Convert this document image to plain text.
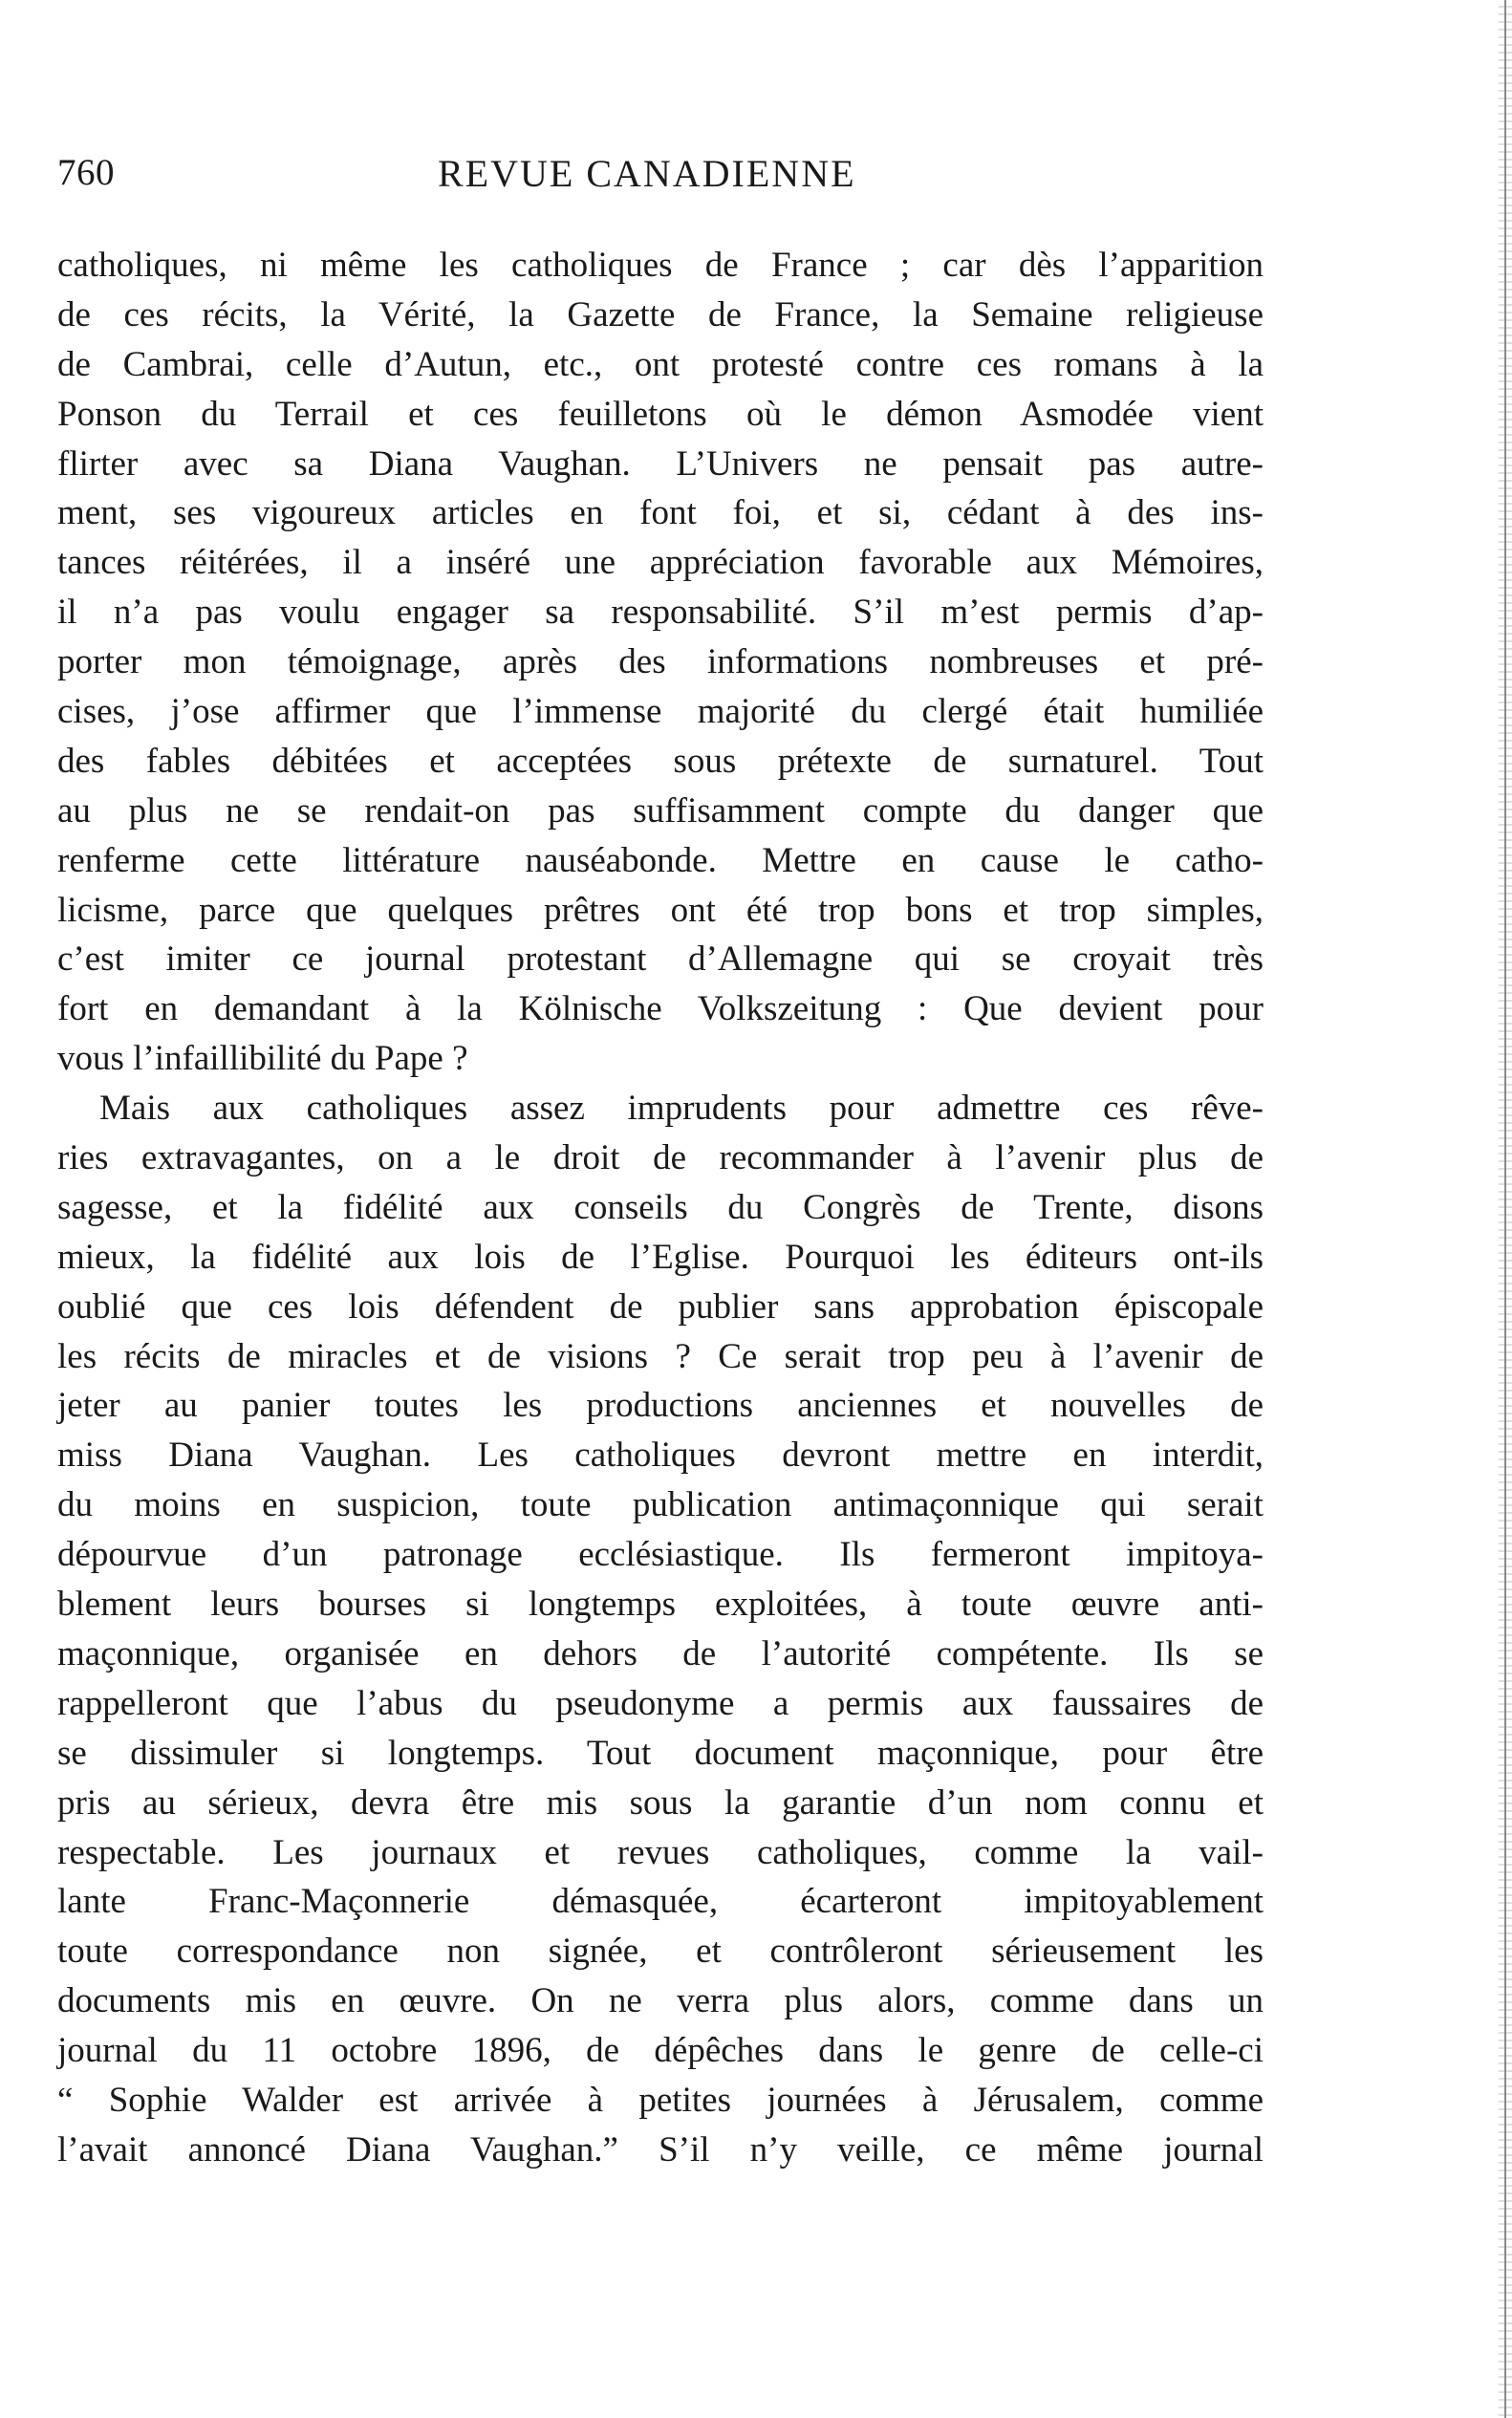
760	REVUE CANADIENNE
catholiques, ni même les catholiques de France ; car dès l’apparition
de ces récits, la Vérité, la Gazette de France, la Semaine religieuse
de Cambrai, celle d’Autun, etc., ont protesté contre ces romans à la
Ponson du Terrail et ces feuilletons où le démon Asmodée vient
flirter avec sa Diana Vaughan. L’Univers ne pensait pas autre-
ment, ses vigoureux articles en font foi, et si, cédant à des ins-
tances réitérées, il a inséré une appréciation favorable aux Mémoires,
il n’a pas voulu engager sa responsabilité. S’il m’est permis d’ap-
porter mon témoignage, après des informations nombreuses et pré-
cises, j’ose affirmer que l’immense majorité du clergé était humiliée
des fables débitées et acceptées sous prétexte de surnaturel. Tout
au plus ne se rendait-on pas suffisamment compte du danger que
renferme cette littérature nauséabonde. Mettre en cause le catho-
licisme, parce que quelques prêtres ont été trop bons et trop simples,
c’est imiter ce journal protestant d’Allemagne qui se croyait très
fort en demandant à la Kölnische Volkszeitung : Que devient pour
vous l’infaillibilité du Pape ?
Mais aux catholiques assez imprudents pour admettre ces rêve-
ries extravagantes, on a le droit de recommander à l’avenir plus de
sagesse, et la fidélité aux conseils du Congrès de Trente, disons
mieux, la fidélité aux lois de l’Eglise. Pourquoi les éditeurs ont-ils
oublié que ces lois défendent de publier sans approbation épiscopale
les récits de miracles et de visions ? Ce serait trop peu à l’avenir de
jeter au panier toutes les productions anciennes et nouvelles de
miss Diana Vaughan. Les catholiques devront mettre en interdit,
du moins en suspicion, toute publication antimaçonnique qui serait
dépourvue d’un patronage ecclésiastique. Ils fermeront impitoya-
blement leurs bourses si longtemps exploitées, à toute œuvre anti-
maçonnique, organisée en dehors de l’autorité compétente. Ils se
rappelleront que l’abus du pseudonyme a permis aux faussaires de
se dissimuler si longtemps. Tout document maçonnique, pour être
pris au sérieux, devra être mis sous la garantie d’un nom connu et
respectable. Les journaux et revues catholiques, comme la vail-
lante Franc-Maçonnerie démasquée, écarteront impitoyablement
toute correspondance non signée, et contrôleront sérieusement les
documents mis en œuvre. On ne verra plus alors, comme dans un
journal du 11 octobre 1896, de dépêches dans le genre de celle-ci
“ Sophie Walder est arrivée à petites journées à Jérusalem, comme
l’avait annoncé Diana Vaughan.” S’il n’y veille, ce même journal
